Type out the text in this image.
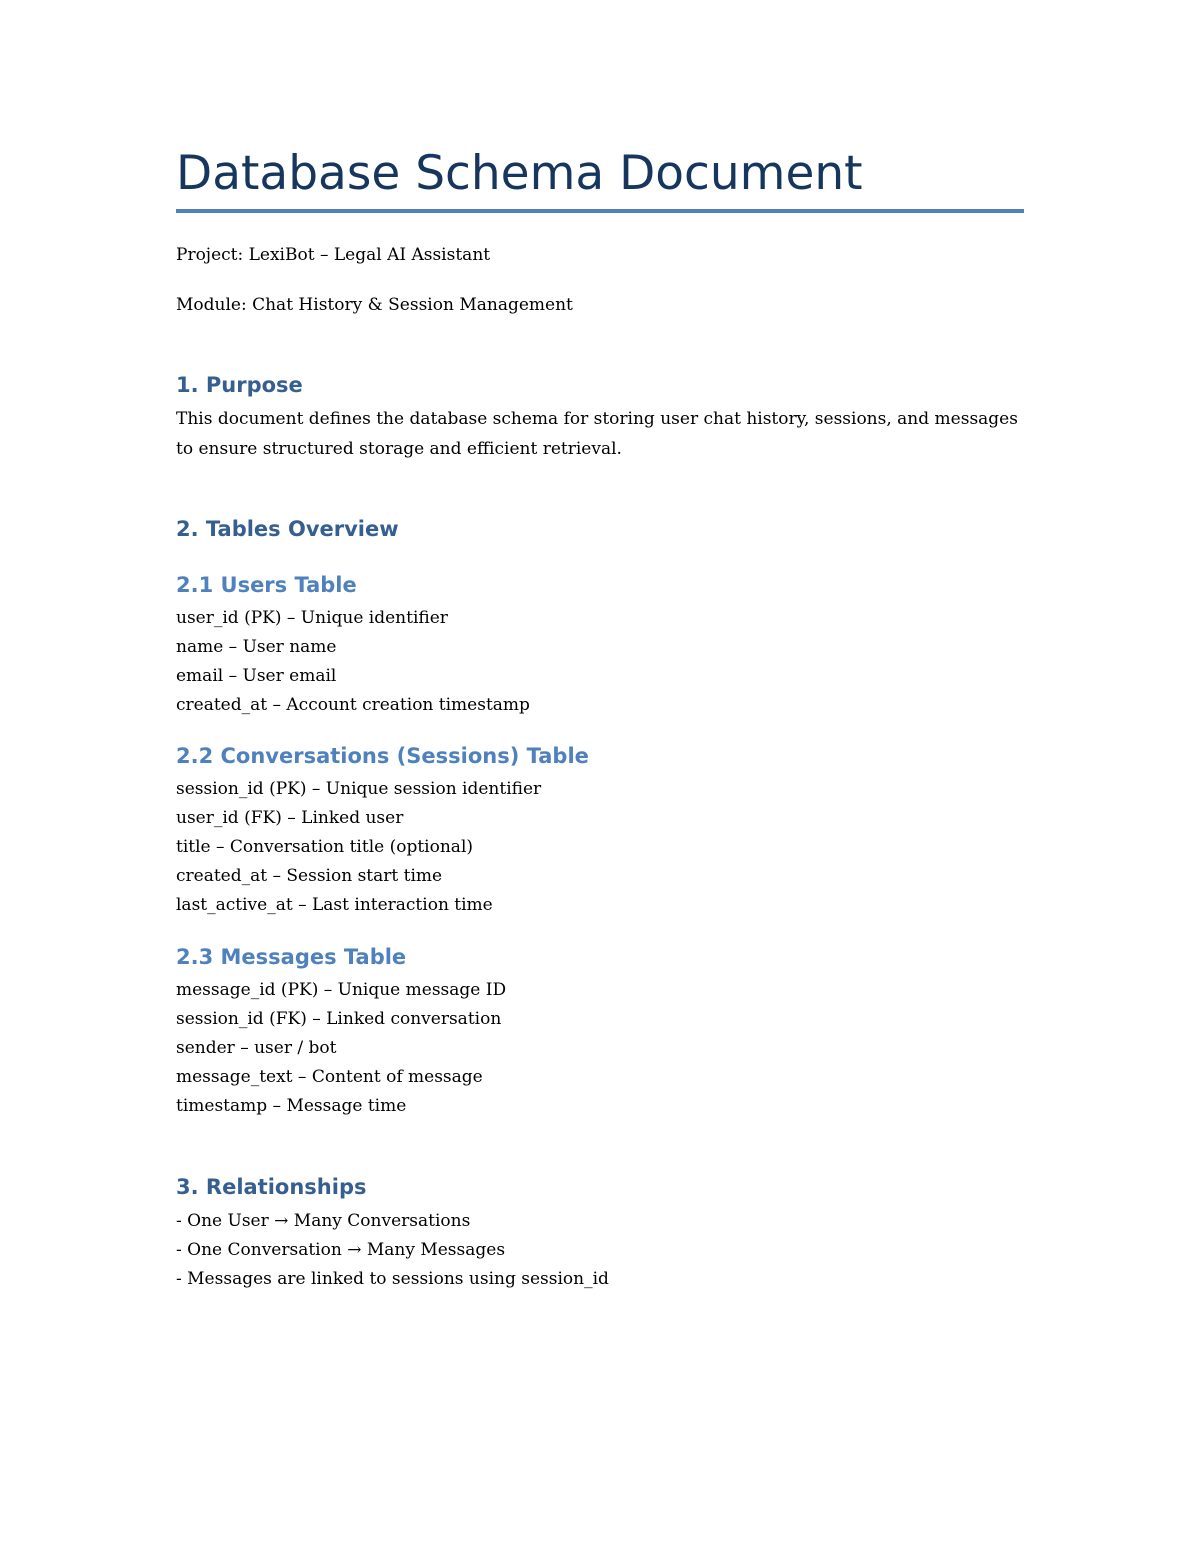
Database Schema Document

Project: LexiBot – Legal AI Assistant

Module: Chat History & Session Management

1. Purpose

This document defines the database schema for storing user chat history, sessions, and messages to ensure structured storage and efficient retrieval.

2. Tables Overview
2.1 Users Table
user_id (PK) – Unique identifier
name – User name
email – User email
created_at – Account creation timestamp
2.2 Conversations (Sessions) Table
session_id (PK) – Unique session identifier
user_id (FK) – Linked user
title – Conversation title (optional)
created_at – Session start time
last_active_at – Last interaction time
2.3 Messages Table
message_id (PK) – Unique message ID
session_id (FK) – Linked conversation
sender – user / bot
message_text – Content of message
timestamp – Message time
3. Relationships
- One User → Many Conversations
- One Conversation → Many Messages
- Messages are linked to sessions using session_id
